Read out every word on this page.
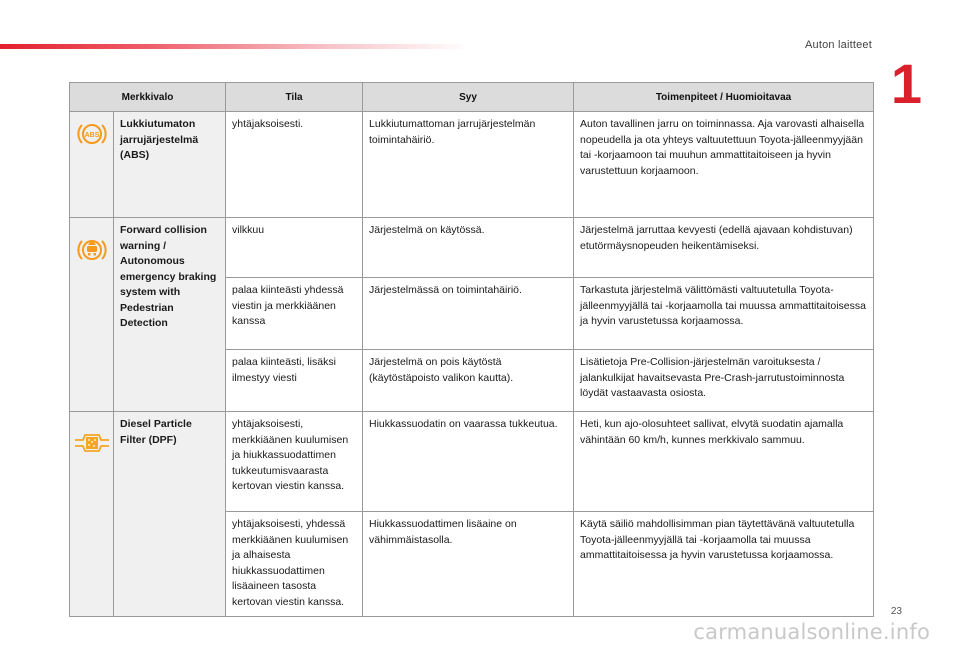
Auton laitteet
1
Merkkivalo		Tila	Syy	Toimenpiteet / Huomioitavaa

ABS	Lukkiutumaton jarrujärjestelmä (ABS)	yhtäjaksoisesti.	Lukkiutumattoman jarrujärjestelmän toimintahäiriö.	Auton tavallinen jarru on toiminnassa. Aja varovasti alhaisella nopeudella ja ota yhteys valtuutettuun Toyota-jälleenmyyjään tai -korjaamoon tai muuhun ammattitaitoiseen ja hyvin varustettuun korjaamoon.

	Forward collision warning / Autonomous emergency braking system with Pedestrian Detection	vilkkuu	Järjestelmä on käytössä.	Järjestelmä jarruttaa kevyesti (edellä ajavaan kohdistuvan) etutörmäysnopeuden heikentämiseksi.
		palaa kiinteästi yhdessä viestin ja merkkiäänen kanssa	Järjestelmässä on toimintahäiriö.	Tarkastuta järjestelmä välittömästi valtuutetulla Toyota-jälleenmyyjällä tai -korjaamolla tai muussa ammattitaitoisessa ja hyvin varustetussa korjaamossa.
		palaa kiinteästi, lisäksi ilmestyy viesti	Järjestelmä on pois käytöstä (käytöstäpoisto valikon kautta).	Lisätietoja Pre-Collision-järjestelmän varoituksesta / jalankulkijat havaitsevasta Pre-Crash-jarrutustoiminnosta löydät vastaavasta osiosta.

	Diesel Particle Filter (DPF)	yhtäjaksoisesti, merkkiäänen kuulumisen ja hiukkassuodattimen tukkeutumisvaarasta kertovan viestin kanssa.	Hiukkassuodatin on vaarassa tukkeutua.	Heti, kun ajo-olosuhteet sallivat, elvytä suodatin ajamalla vähintään 60 km/h, kunnes merkkivalo sammuu.
		yhtäjaksoisesti, yhdessä merkkiäänen kuulumisen ja alhaisesta hiukkassuodattimen lisäaineen tasosta kertovan viestin kanssa.	Hiukkassuodattimen lisäaine on vähimmäistasolla.	Käytä säiliö mahdollisimman pian täytettävänä valtuutetulla Toyota-jälleenmyyjällä tai -korjaamolla tai muussa ammattitaitoisessa ja hyvin varustetussa korjaamossa.
23
carmanualsonline.info
